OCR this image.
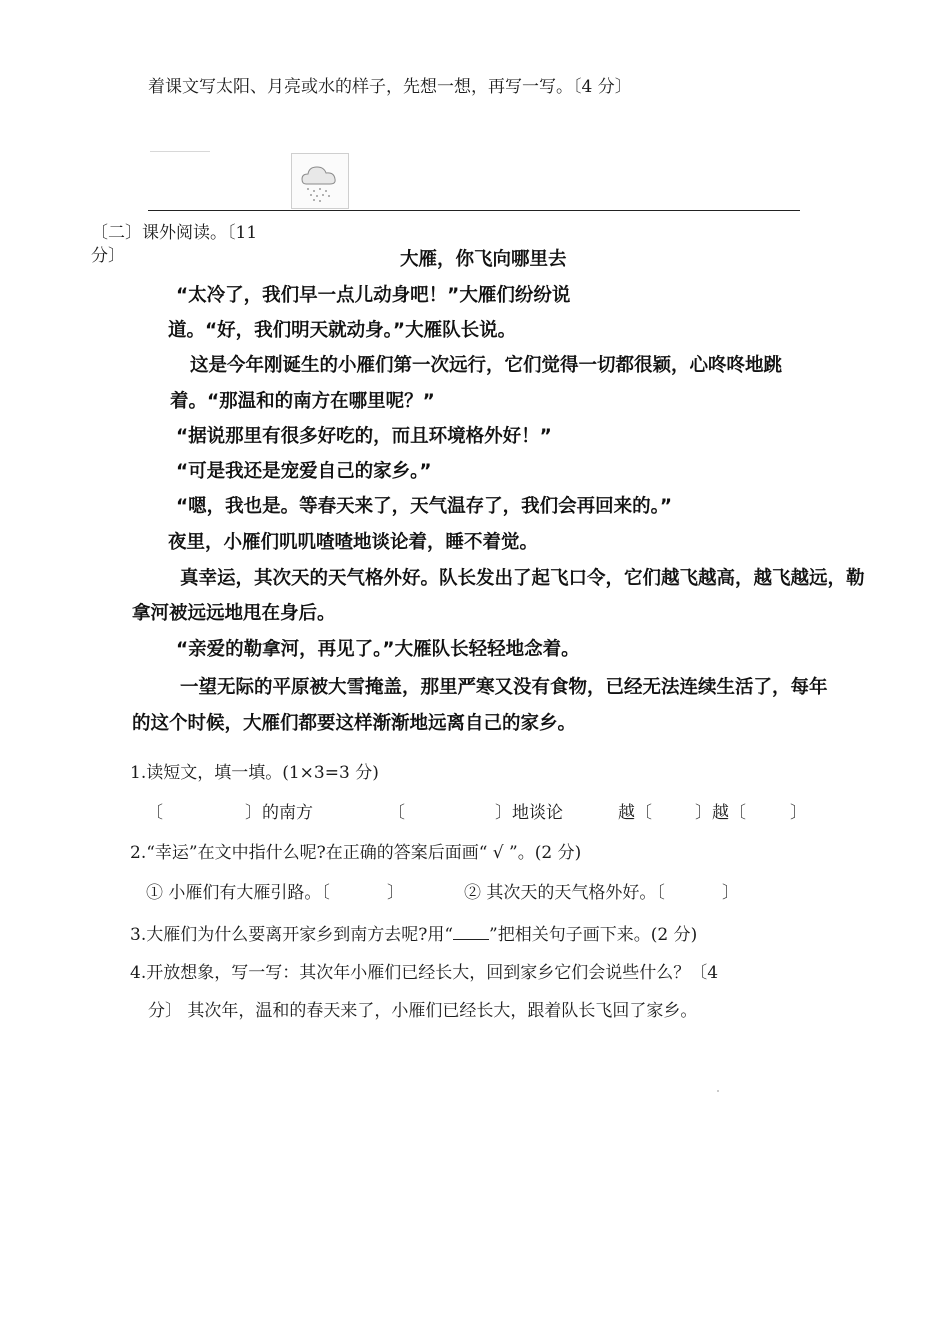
着课文写太阳、月亮或水的样子，先想一想，再写一写。〔4 分〕
〔二〕课外阅读。〔11
分〕	大雁，你飞向哪里去
“太冷了，我们早一点儿动身吧！”大雁们纷纷说
道。“好，我们明天就动身。”大雁队长说。
这是今年刚诞生的小雁们第一次远行，它们觉得一切都很颖，心咚咚地跳
着。“那温和的南方在哪里呢？”
“据说那里有很多好吃的，而且环境格外好！”
“可是我还是宠爱自己的家乡。”
“嗯，我也是。等春天来了，天气温存了，我们会再回来的。”
夜里，小雁们叽叽喳喳地谈论着，睡不着觉。
真幸运，其次天的天气格外好。队长发出了起飞口令，它们越飞越高，越飞越远，勒
拿河被远远地甩在身后。
“亲爱的勒拿河，再见了。”大雁队长轻轻地念着。
一望无际的平原被大雪掩盖，那里严寒又没有食物，已经无法连续生活了，每年
的这个时候，大雁们都要这样渐渐地远离自己的家乡。
1.读短文，填一填。(1×3=3 分)
〔	〕的南方	〔	〕地谈论	越〔	〕越〔	〕
2.“幸运”在文中指什么呢?在正确的答案后面画“ √ ”。(2 分)
① 小雁们有大雁引路。〔	〕	② 其次天的天气格外好。〔	〕
3.大雁们为什么要离开家乡到南方去呢?用“ ”把相关句子画下来。(2 分)
4.开放想象，写一写：其次年小雁们已经长大，回到家乡它们会说些什么？〔4
分〕 其次年，温和的春天来了，小雁们已经长大，跟着队长飞回了家乡。
